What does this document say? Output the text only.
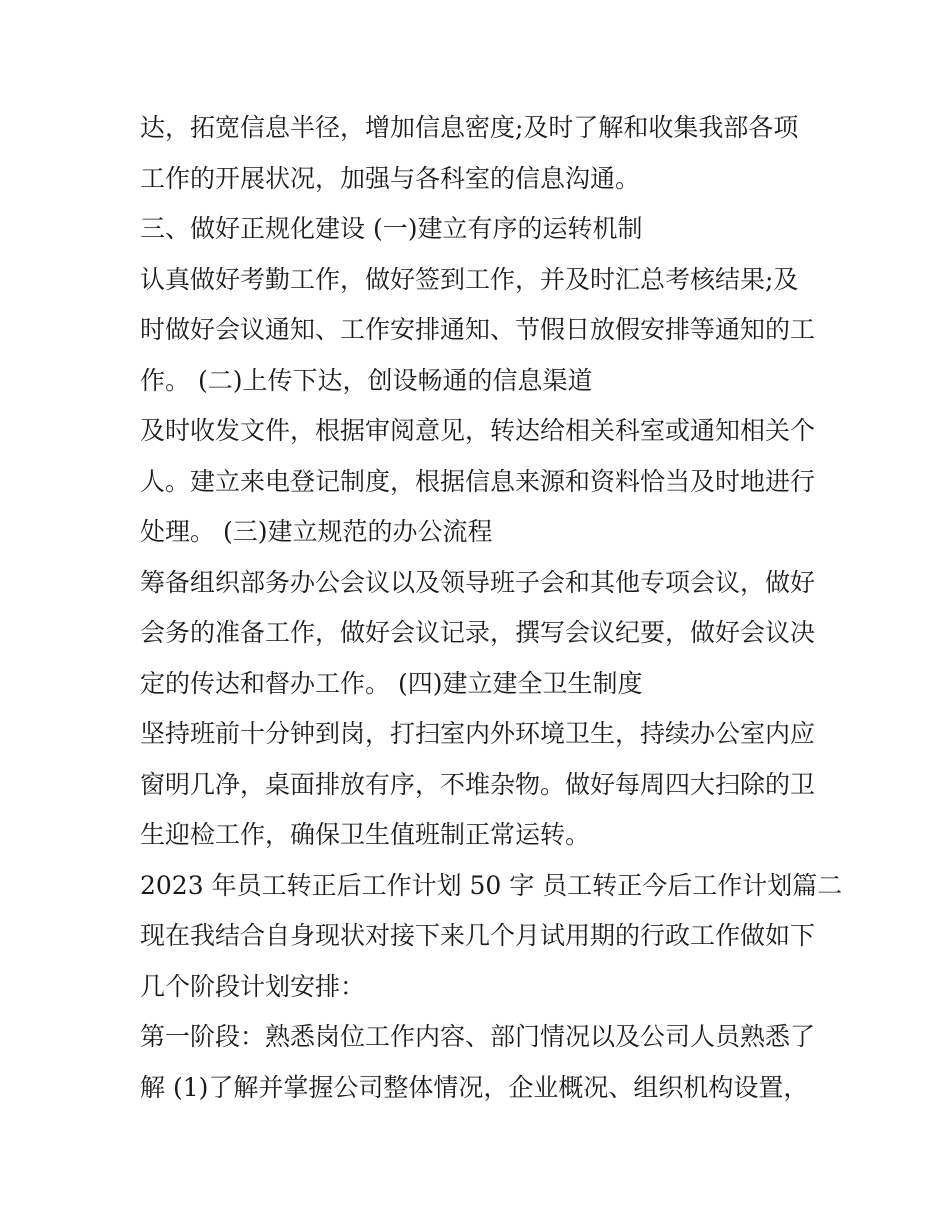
达，拓宽信息半径，增加信息密度;及时了解和收集我部各项
工作的开展状况，加强与各科室的信息沟通。
三、做好正规化建设 (一)建立有序的运转机制
认真做好考勤工作，做好签到工作，并及时汇总考核结果;及
时做好会议通知、工作安排通知、节假日放假安排等通知的工
作。 (二)上传下达，创设畅通的信息渠道
及时收发文件，根据审阅意见，转达给相关科室或通知相关个
人。建立来电登记制度，根据信息来源和资料恰当及时地进行
处理。 (三)建立规范的办公流程
筹备组织部务办公会议以及领导班子会和其他专项会议，做好
会务的准备工作，做好会议记录，撰写会议纪要，做好会议决
定的传达和督办工作。 (四)建立建全卫生制度
坚持班前十分钟到岗，打扫室内外环境卫生，持续办公室内应
窗明几净，桌面排放有序，不堆杂物。做好每周四大扫除的卫
生迎检工作，确保卫生值班制正常运转。
2023 年员工转正后工作计划 50 字 员工转正今后工作计划篇二
现在我结合自身现状对接下来几个月试用期的行政工作做如下
几个阶段计划安排：
第一阶段：熟悉岗位工作内容、部门情况以及公司人员熟悉了
解 (1)了解并掌握公司整体情况，企业概况、组织机构设置，
